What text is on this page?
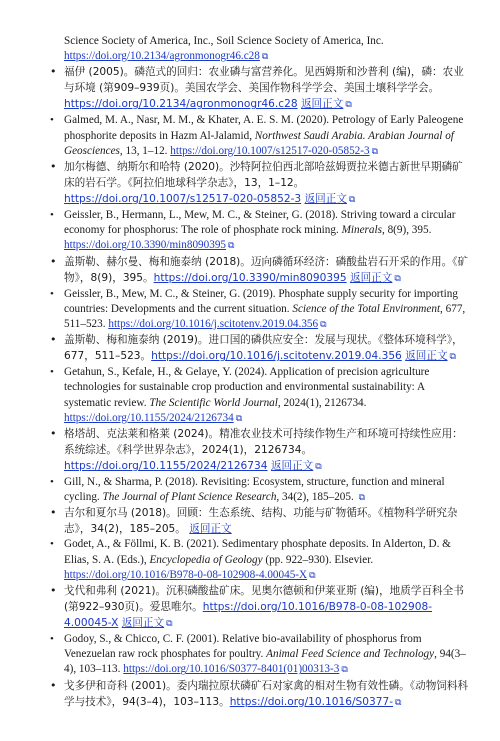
Science Society of America, Inc., Soil Science Society of America, Inc. https://doi.org/10.2134/agronmonogr46.c28 ⧉
• 福伊 (2005)。磷范式的回归：农业磷与富营养化。见西姆斯和沙普利 (编)，磷：农业与环境 (第909–939页)。美国农学会、美国作物科学学会、美国土壤科学学会。https://doi.org/10.2134/agronmonogr46.c28 返回正文 ⧉
• Galmed, M. A., Nasr, M. M., & Khater, A. E. S. M. (2020). Petrology of Early Paleogene phosphorite deposits in Hazm Al-Jalamid, Northwest Saudi Arabia. Arabian Journal of Geosciences, 13, 1–12. https://doi.org/10.1007/s12517-020-05852-3 ⧉
• 加尔梅德、纳斯尔和哈特 (2020)。沙特阿拉伯西北部哈兹姆贾拉米德古新世早期磷矿床的岩石学。《阿拉伯地球科学杂志》，13，1–12。https://doi.org/10.1007/s12517-020-05852-3 返回正文 ⧉
• Geissler, B., Hermann, L., Mew, M. C., & Steiner, G. (2018). Striving toward a circular economy for phosphorus: The role of phosphate rock mining. Minerals, 8(9), 395. https://doi.org/10.3390/min8090395 ⧉
• 盖斯勒、赫尔曼、梅和施泰纳 (2018)。迈向磷循环经济：磷酸盐岩石开采的作用。《矿物》，8(9)，395。https://doi.org/10.3390/min8090395 返回正文 ⧉
• Geissler, B., Mew, M. C., & Steiner, G. (2019). Phosphate supply security for importing countries: Developments and the current situation. Science of the Total Environment, 677, 511–523. https://doi.org/10.1016/j.scitotenv.2019.04.356 ⧉
• 盖斯勒、梅和施泰纳 (2019)。进口国的磷供应安全：发展与现状。《整体环境科学》，677，511–523。https://doi.org/10.1016/j.scitotenv.2019.04.356 返回正文 ⧉
• Getahun, S., Kefale, H., & Gelaye, Y. (2024). Application of precision agriculture technologies for sustainable crop production and environmental sustainability: A systematic review. The Scientific World Journal, 2024(1), 2126734. https://doi.org/10.1155/2024/2126734 ⧉
• 格塔胡、克法莱和格莱 (2024)。精准农业技术可持续作物生产和环境可持续性应用：系统综述。《科学世界杂志》，2024(1)，2126734。https://doi.org/10.1155/2024/2126734 返回正文 ⧉
• Gill, N., & Sharma, P. (2018). Revisiting: Ecosystem, structure, function and mineral cycling. The Journal of Plant Science Research, 34(2), 185–205. ⧉
• 吉尔和夏尔马 (2018)。回顾：生态系统、结构、功能与矿物循环。《植物科学研究杂志》，34(2)，185–205。 返回正文
• Godet, A., & Föllmi, K. B. (2021). Sedimentary phosphate deposits. In Alderton, D. & Elias, S. A. (Eds.), Encyclopedia of Geology (pp. 922–930). Elsevier. https://doi.org/10.1016/B978-0-08-102908-4.00045-X ⧉
• 戈代和弗利 (2021)。沉积磷酸盐矿床。见奥尔德顿和伊莱亚斯 (编)，地质学百科全书 (第922–930页)。爱思唯尔。https://doi.org/10.1016/B978-0-08-102908-4.00045-X 返回正文 ⧉
• Godoy, S., & Chicco, C. F. (2001). Relative bio-availability of phosphorus from Venezuelan raw rock phosphates for poultry. Animal Feed Science and Technology, 94(3–4), 103–113. https://doi.org/10.1016/S0377-8401(01)00313-3 ⧉
• 戈多伊和奇科 (2001)。委内瑞拉原状磷矿石对家禽的相对生物有效性磷。《动物饲料科学与技术》，94(3–4)，103–113。https://doi.org/10.1016/S0377- ⧉
